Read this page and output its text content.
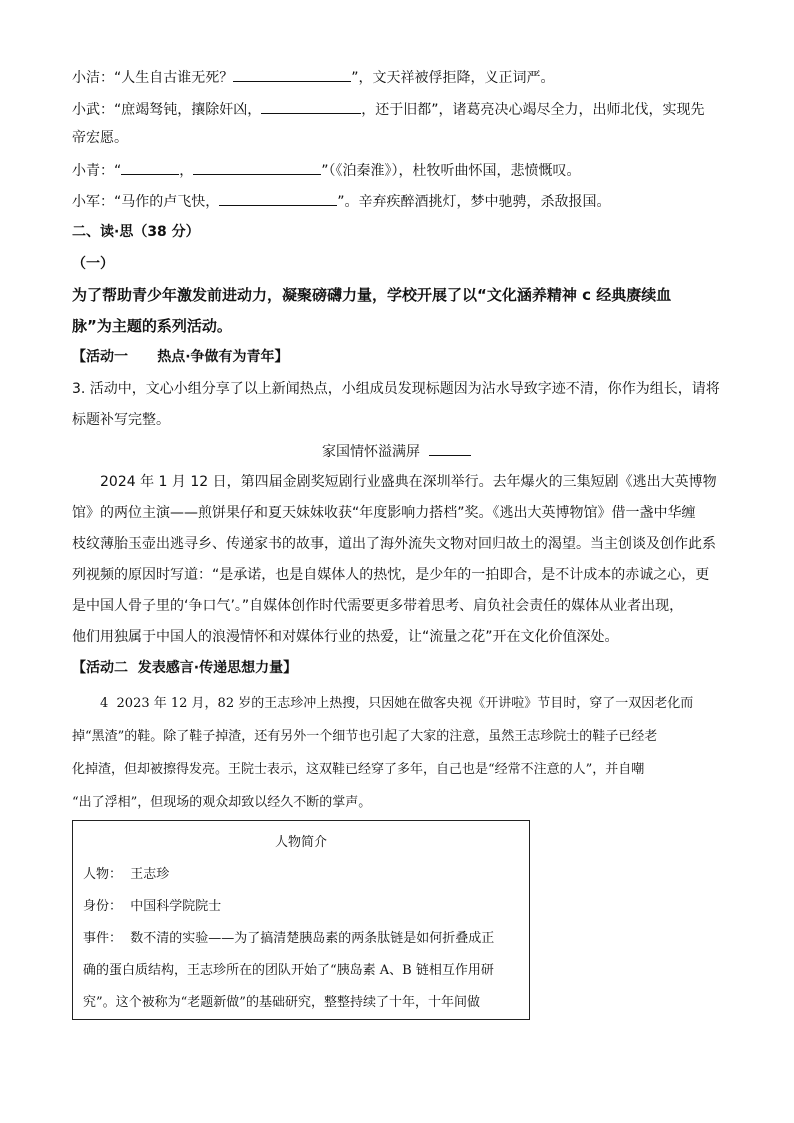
小洁：“人生自古谁无死？	”，文天祥被俘拒降，义正词严。
小武：“庶竭驽钝，攘除奸凶，	，还于旧都”，诸葛亮决心竭尽全力，出师北伐，实现先
帝宏愿。
小青：“	，	”（《泊秦淮》），杜牧听曲怀国，悲愤慨叹。
小军：“马作的卢飞快，	”。辛弃疾醉酒挑灯，梦中驰骋，杀敌报国。
二、读·思（38 分）
（一）
为了帮助青少年激发前进动力，凝聚磅礴力量，学校开展了以“文化涵养精神 c 经典赓续血
脉”为主题的系列活动。
【活动一      热点·争做有为青年】
3. 活动中，文心小组分享了以上新闻热点，小组成员发现标题因为沾水导致字迹不清，你作为组长，请将
标题补写完整。
家国情怀溢满屏
2024 年 1 月 12 日，第四届金剧奖短剧行业盛典在深圳举行。去年爆火的三集短剧《逃出大英博物
馆》的两位主演——煎饼果仔和夏天妹妹收获“年度影响力搭档”奖。《逃出大英博物馆》借一盏中华缠
枝纹薄胎玉壶出逃寻乡、传递家书的故事，道出了海外流失文物对回归故土的渴望。当主创谈及创作此系
列视频的原因时写道：“是承诺，也是自媒体人的热忱，是少年的一拍即合，是不计成本的赤诚之心，更
是中国人骨子里的‘争口气’。”自媒体创作时代需要更多带着思考、肩负社会责任的媒体从业者出现，
他们用独属于中国人的浪漫情怀和对媒体行业的热爱，让“流量之花”开在文化价值深处。
【活动二  发表感言·传递思想力量】
4  2023 年 12 月，82 岁的王志珍冲上热搜，只因她在做客央视《开讲啦》节目时，穿了一双因老化而
掉“黑渣”的鞋。除了鞋子掉渣，还有另外一个细节也引起了大家的注意，虽然王志珍院士的鞋子已经老
化掉渣，但却被擦得发亮。王院士表示，这双鞋已经穿了多年，自己也是“经常不注意的人”，并自嘲
“出了浮相”，但现场的观众却致以经久不断的掌声。
人物简介
人物：  王志珍
身份：  中国科学院院士
事件：  数不清的实验——为了搞清楚胰岛素的两条肽链是如何折叠成正
确的蛋白质结构，王志珍所在的团队开始了“胰岛素 A、B 链相互作用研
究”。这个被称为“老题新做”的基础研究，整整持续了十年，十年间做
